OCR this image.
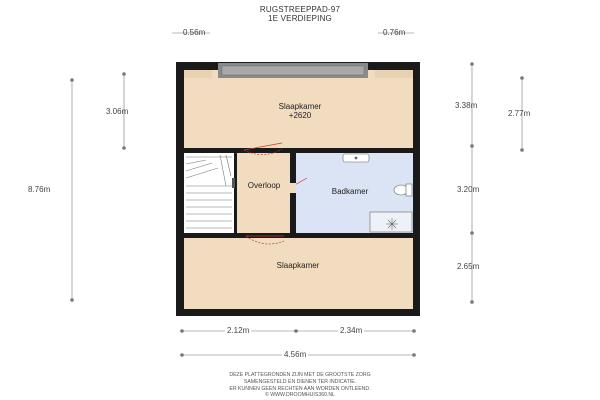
RUGSTREEPPAD-97
1E VERDIEPING
0.56m	0.76m
3.06m
8.76m
3.38m
2.77m
3.20m
2.65m
2.12m	2.34m
4.56m
Slaapkamer
+2620
Overloop
Badkamer
Slaapkamer
DEZE PLATTEGRONDEN ZIJN MET DE GROOTSTE ZORG
SAMENGESTELD EN DIENEN TER INDICATIE.
ER KUNNEN GEEN RECHTEN AAN WORDEN ONTLEEND.
© WWW.DROOMHUIS360.NL
